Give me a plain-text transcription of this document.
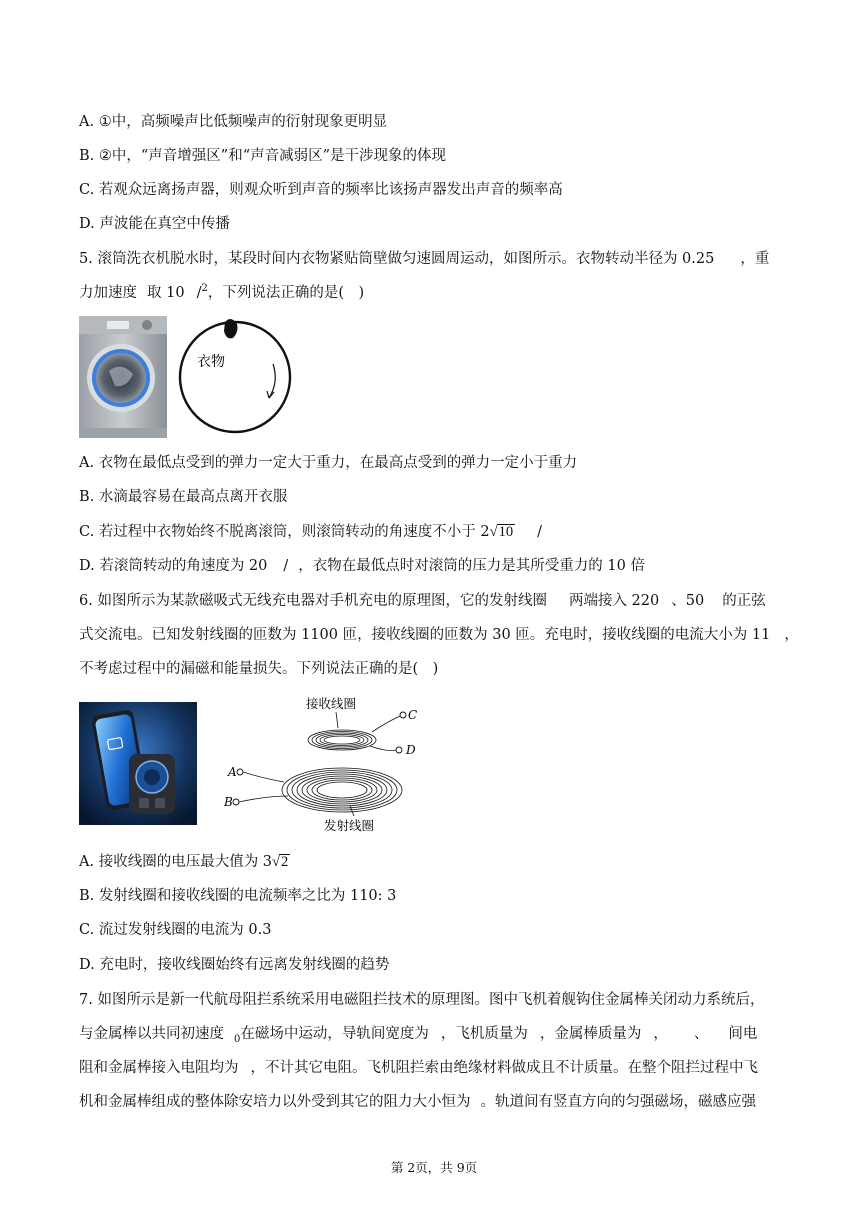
A. ①中，高频噪声比低频噪声的衍射现象更明显
B. ②中，“声音增强区”和“声音减弱区”是干涉现象的体现
C. 若观众远离扬声器，则观众听到声音的频率比该扬声器发出声音的频率高
D. 声波能在真空中传播
5. 滚筒洗衣机脱水时，某段时间内衣物紧贴筒壁做匀速圆周运动，如图所示。衣物转动半径为 0.25 ，重
力加速度 取 10 /$^2$，下列说法正确的是(　)
衣物
A. 衣物在最低点受到的弹力一定大于重力，在最高点受到的弹力一定小于重力
B. 水滴最容易在最高点离开衣服
C. 若过程中衣物始终不脱离滚筒，则滚筒转动的角速度不小于 2√10 /
D. 若滚筒转动的角速度为 20 / ，衣物在最低点时对滚筒的压力是其所受重力的 10 倍
6. 如图所示为某款磁吸式无线充电器对手机充电的原理图，它的发射线圈 两端接入 220 、50 的正弦
式交流电。已知发射线圈的匝数为 1100 匝，接收线圈的匝数为 30 匝。充电时，接收线圈的电流大小为 11 ，
不考虑过程中的漏磁和能量损失。下列说法正确的是(　)
接收线圈
C
D
A
B
发射线圈
A. 接收线圈的电压最大值为 3√2
B. 发射线圈和接收线圈的电流频率之比为 110: 3
C. 流过发射线圈的电流为 0.3
D. 充电时，接收线圈始终有远离发射线圈的趋势
7. 如图所示是新一代航母阻拦系统采用电磁阻拦技术的原理图。图中飞机着舰钩住金属棒关闭动力系统后，
与金属棒以共同初速度 $_0$在磁场中运动，导轨间宽度为 ，飞机质量为 ，金属棒质量为 ， 、 间电
阻和金属棒接入电阻均为 ，不计其它电阻。飞机阻拦索由绝缘材料做成且不计质量。在整个阻拦过程中飞
机和金属棒组成的整体除安培力以外受到其它的阻力大小恒为 。轨道间有竖直方向的匀强磁场，磁感应强
第 2页，共 9页
